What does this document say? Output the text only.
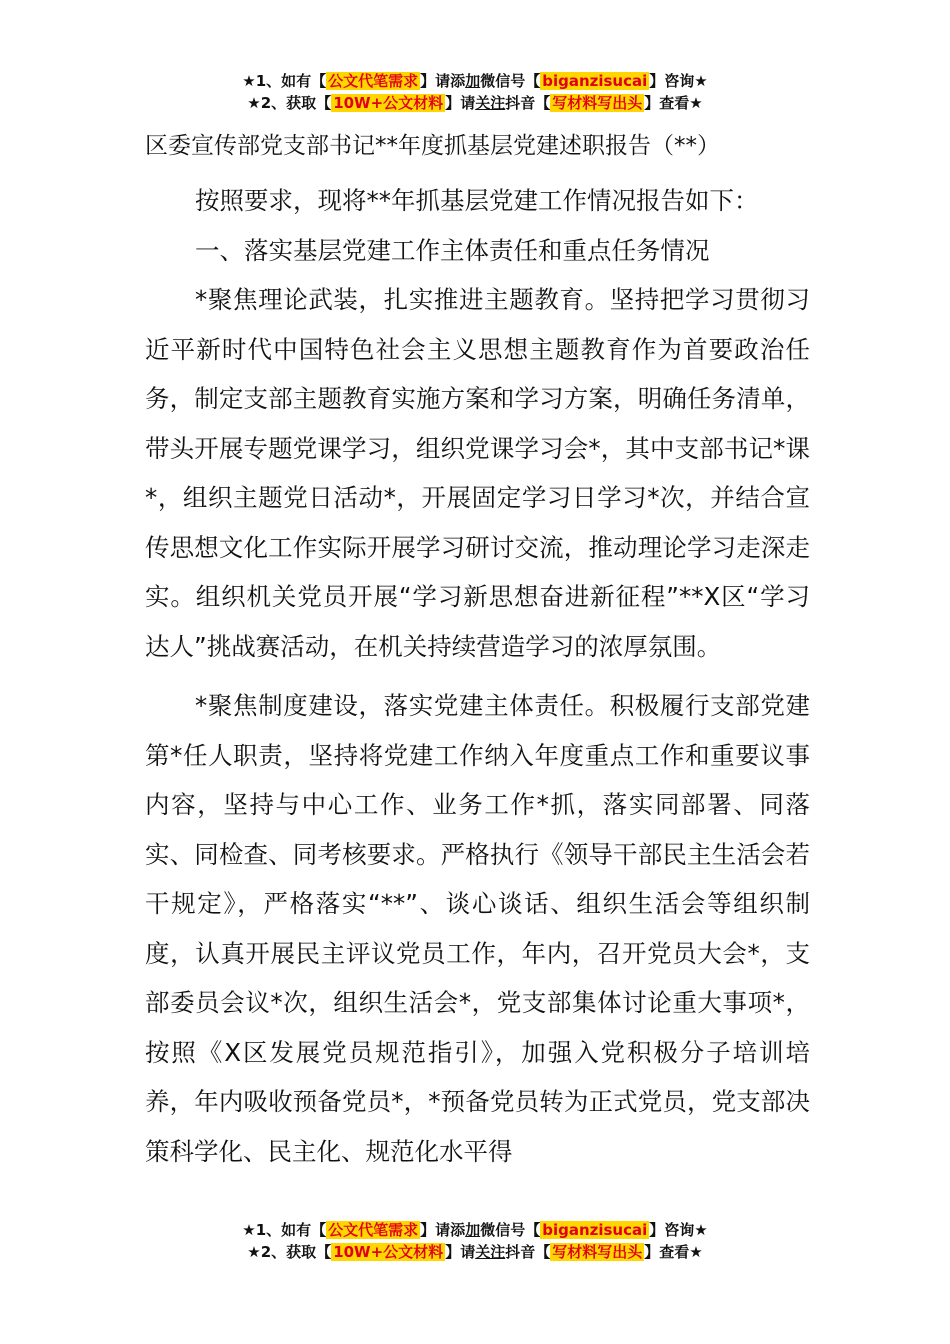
★1、如有【 公文代笔需求 】请添加微信号【 biganzisucai 】咨询★
★2、获取【 10W+公文材料 】请关注抖音【 写材料写出头 】查看★
区委宣传部党支部书记**年度抓基层党建述职报告（**）

按照要求，现将**年抓基层党建工作情况报告如下：

一、落实基层党建工作主体责任和重点任务情况

*聚焦理论武装，扎实推进主题教育。坚持把学习贯彻习近平新时代中国特色社会主义思想主题教育作为首要政治任务，制定支部主题教育实施方案和学习方案，明确任务清单，带头开展专题党课学习，组织党课学习会*，其中支部书记*课*，组织主题党日活动*，开展固定学习日学习*次，并结合宣传思想文化工作实际开展学习研讨交流，推动理论学习走深走实。组织机关党员开展“学习新思想奋进新征程”**X区“学习达人”挑战赛活动，在机关持续营造学习的浓厚氛围。

*聚焦制度建设，落实党建主体责任。积极履行支部党建第*任人职责，坚持将党建工作纳入年度重点工作和重要议事内容，坚持与中心工作、业务工作*抓，落实同部署、同落实、同检查、同考核要求。严格执行《领导干部民主生活会若干规定》，严格落实“**”、谈心谈话、组织生活会等组织制度，认真开展民主评议党员工作，年内，召开党员大会*，支部委员会议*次，组织生活会*，党支部集体讨论重大事项*，按照《X区发展党员规范指引》，加强入党积极分子培训培养，年内吸收预备党员*，*预备党员转为正式党员，党支部决策科学化、民主化、规范化水平得

★1、如有【 公文代笔需求 】请添加微信号【 biganzisucai 】咨询★
★2、获取【 10W+公文材料 】请关注抖音【 写材料写出头 】查看★
